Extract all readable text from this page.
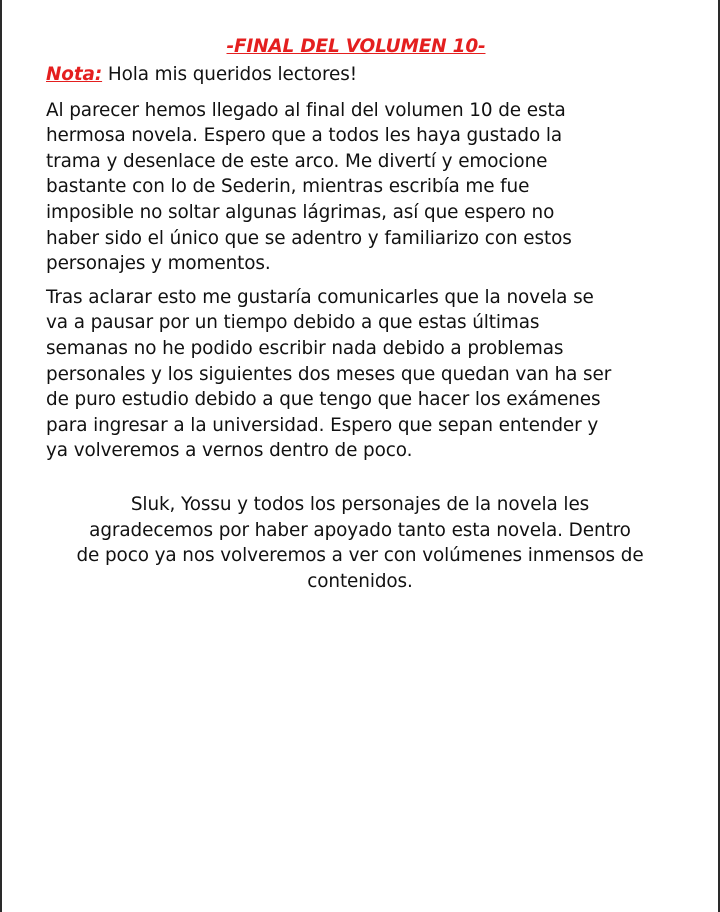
-FINAL DEL VOLUMEN 10-

Nota: Hola mis queridos lectores!

Al parecer hemos llegado al final del volumen 10 de esta
hermosa novela. Espero que a todos les haya gustado la
trama y desenlace de este arco. Me divertí y emocione
bastante con lo de Sederin, mientras escribía me fue
imposible no soltar algunas lágrimas, así que espero no
haber sido el único que se adentro y familiarizo con estos
personajes y momentos.

Tras aclarar esto me gustaría comunicarles que la novela se
va a pausar por un tiempo debido a que estas últimas
semanas no he podido escribir nada debido a problemas
personales y los siguientes dos meses que quedan van ha ser
de puro estudio debido a que tengo que hacer los exámenes
para ingresar a la universidad. Espero que sepan entender y
ya volveremos a vernos dentro de poco.

Sluk, Yossu y todos los personajes de la novela les
agradecemos por haber apoyado tanto esta novela. Dentro
de poco ya nos volveremos a ver con volúmenes inmensos de
contenidos.
